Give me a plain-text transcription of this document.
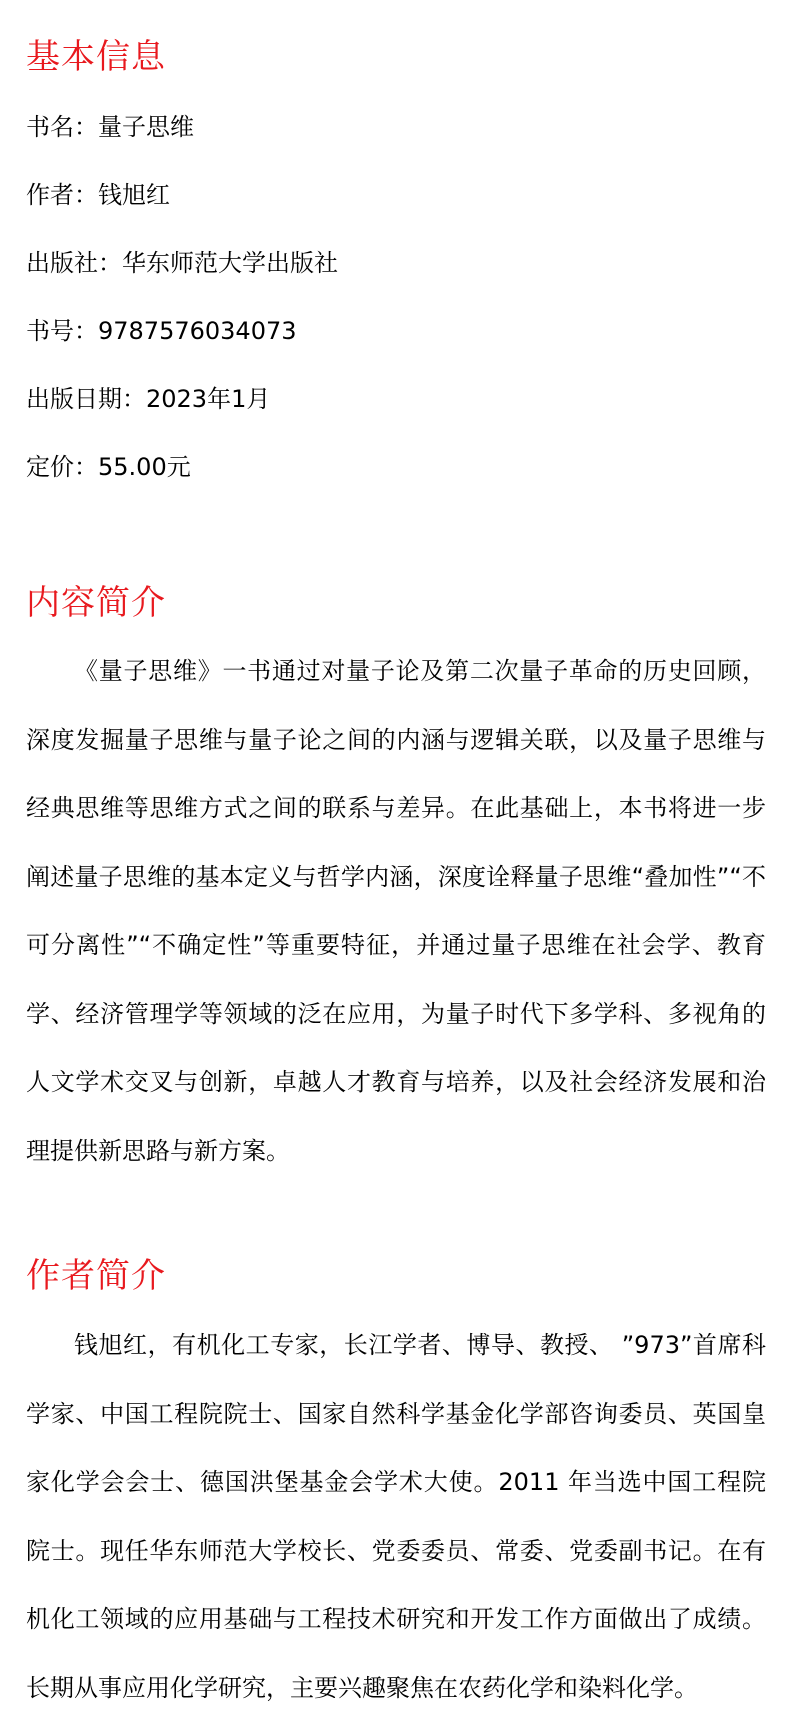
基本信息
书名：量子思维
作者：钱旭红
出版社：华东师范大学出版社
书号：9787576034073
出版日期：2023年1月
定价：55.00元
内容简介

《量子思维》一书通过对量子论及第二次量子革命的历史回顾，深度发掘量子思维与量子论之间的内涵与逻辑关联，以及量子思维与经典思维等思维方式之间的联系与差异。在此基础上，本书将进一步阐述量子思维的基本定义与哲学内涵，深度诠释量子思维“叠加性”“不可分离性”“不确定性”等重要特征，并通过量子思维在社会学、教育学、经济管理学等领域的泛在应用，为量子时代下多学科、多视角的人文学术交叉与创新，卓越人才教育与培养，以及社会经济发展和治理提供新思路与新方案。

作者简介

钱旭红，有机化工专家，长江学者、博导、教授、 ”973”首席科学家、中国工程院院士、国家自然科学基金化学部咨询委员、英国皇家化学会会士、德国洪堡基金会学术大使。2011 年当选中国工程院院士。现任华东师范大学校长、党委委员、常委、党委副书记。在有机化工领域的应用基础与工程技术研究和开发工作方面做出了成绩。长期从事应用化学研究，主要兴趣聚焦在农药化学和染料化学。
